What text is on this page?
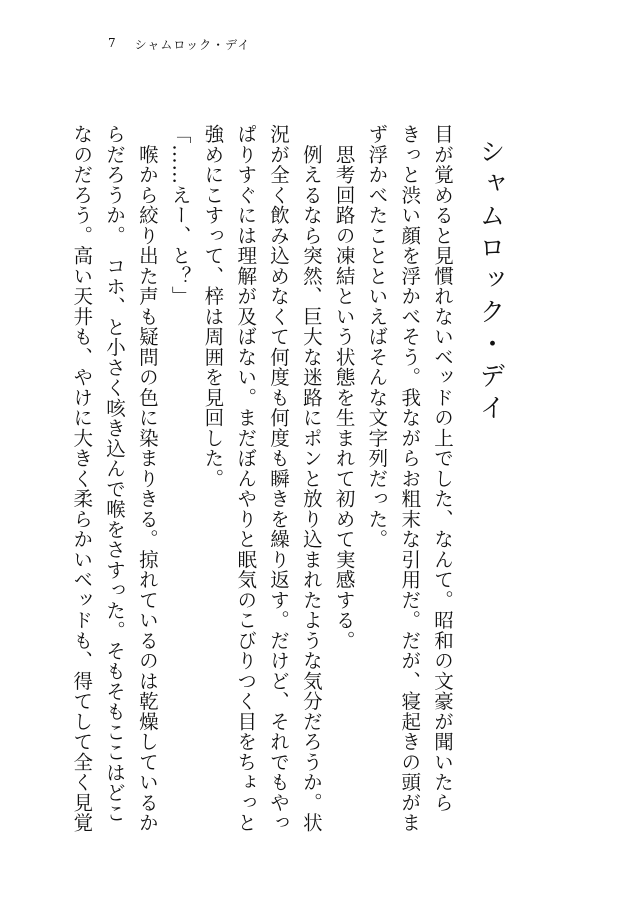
7 シャムロック・デイ
シャムロック・デイ
目が覚めると見慣れないベッドの上でした、なんて。昭和の文豪が聞いたら
きっと渋い顔を浮かべそう。我ながらお粗末な引用だ。だが、寝起きの頭がま
ず浮かべたことといえばそんな文字列だった。
　思考回路の凍結という状態を生まれて初めて実感する。
　例えるなら突然、巨大な迷路にポンと放り込まれたような気分だろうか。状
況が全く飲み込めなくて何度も何度も瞬きを繰り返す。だけど、それでもやっ
ぱりすぐには理解が及ばない。まだぼんやりと眠気のこびりつく目をちょっと
強めにこすって、梓は周囲を見回した。
「……えー、と？」
　喉から絞り出た声も疑問の色に染まりきる。掠れているのは乾燥しているか
らだろうか。　コホ、と小さく咳き込んで喉をさすった。そもそもここはどこ
なのだろう。高い天井も、やけに大きく柔らかいベッドも、得てして全く見覚
